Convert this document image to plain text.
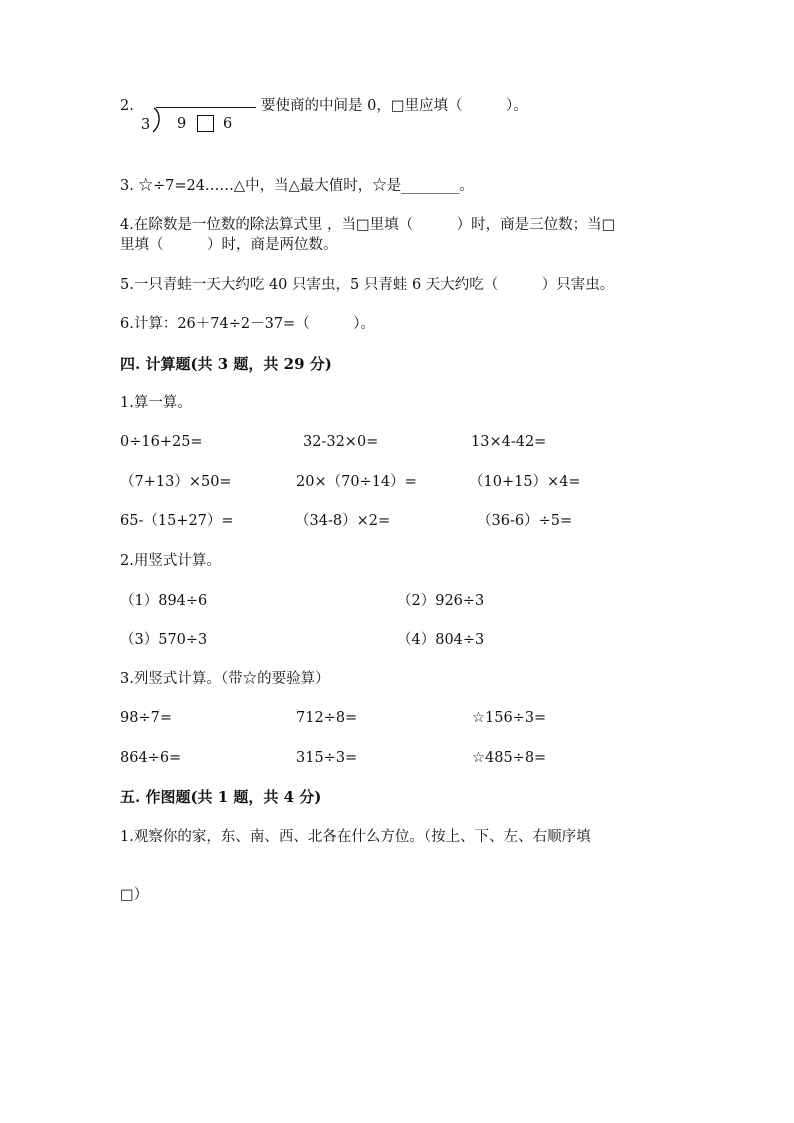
2.
3 9	6
要使商的中间是 0，□里应填（　　　）。
3. ☆÷7=24……△中，当△最大值时，☆是________。
4.在除数是一位数的除法算式里 ，当□里填（　　　）时，商是三位数；当□
里填（　　　）时，商是两位数。
5.一只青蛙一天大约吃 40 只害虫，5 只青蛙 6 天大约吃（　　　）只害虫。
6.计算：26＋74÷2－37=（　　　）。
四. 计算题(共 3 题，共 29 分)
1.算一算。
0÷16+25=	32-32×0=	13×4-42=
（7+13）×50=	20×（70÷14）=	（10+15）×4=
65-（15+27）=	（34-8）×2=	（36-6）÷5=
2.用竖式计算。
（1）894÷6	（2）926÷3
（3）570÷3	（4）804÷3
3.列竖式计算。（带☆的要验算）
98÷7=	712÷8=	☆156÷3=
864÷6=	315÷3=	☆485÷8=
五. 作图题(共 1 题，共 4 分)
1.观察你的家，东、南、西、北各在什么方位。（按上、下、左、右顺序填
□）
